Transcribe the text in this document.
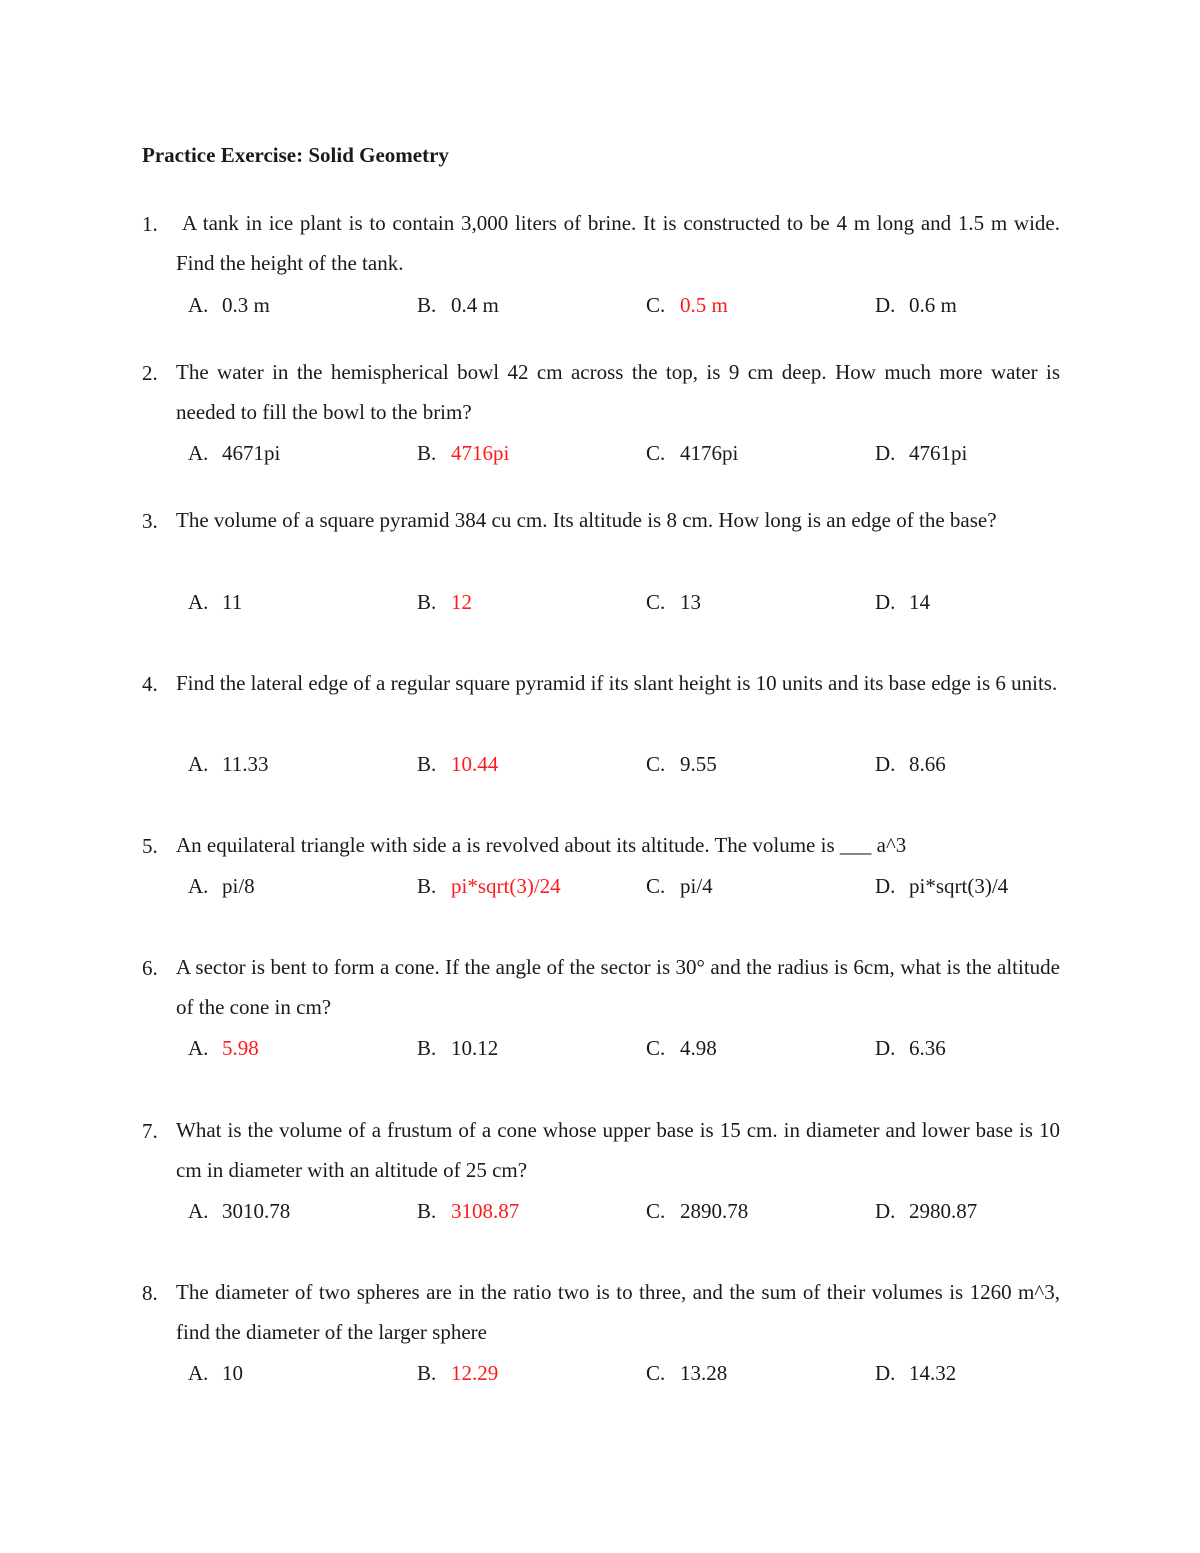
Practice Exercise: Solid Geometry
1. A tank in ice plant is to contain 3,000 liters of brine. It is constructed to be 4 m long and 1.5 m wide. Find the height of the tank.
2. The water in the hemispherical bowl 42 cm across the top, is 9 cm deep. How much more water is needed to fill the bowl to the brim?
3. The volume of a square pyramid 384 cu cm. Its altitude is 8 cm. How long is an edge of the base?
4. Find the lateral edge of a regular square pyramid if its slant height is 10 units and its base edge is 6 units.
5. An equilateral triangle with side a is revolved about its altitude. The volume is ___ a^3
6. A sector is bent to form a cone. If the angle of the sector is 30° and the radius is 6cm, what is the altitude of the cone in cm?
7. What is the volume of a frustum of a cone whose upper base is 15 cm. in diameter and lower base is 10 cm in diameter with an altitude of 25 cm?
8. The diameter of two spheres are in the ratio two is to three, and the sum of their volumes is 1260 m^3, find the diameter of the larger sphere
A. 0.3 m	B. 0.4 m	C. 0.5 m	D. 0.6 m
A. 4671pi	B. 4716pi	C. 4176pi	D. 4761pi
A. 11	B. 12	C. 13	D. 14
A. 11.33	B. 10.44	C. 9.55	D. 8.66
A. pi/8	B. pi*sqrt(3)/24	C. pi/4	D. pi*sqrt(3)/4
A. 5.98	B. 10.12	C. 4.98	D. 6.36
A. 3010.78	B. 3108.87	C. 2890.78	D. 2980.87
A. 10	B. 12.29	C. 13.28	D. 14.32
